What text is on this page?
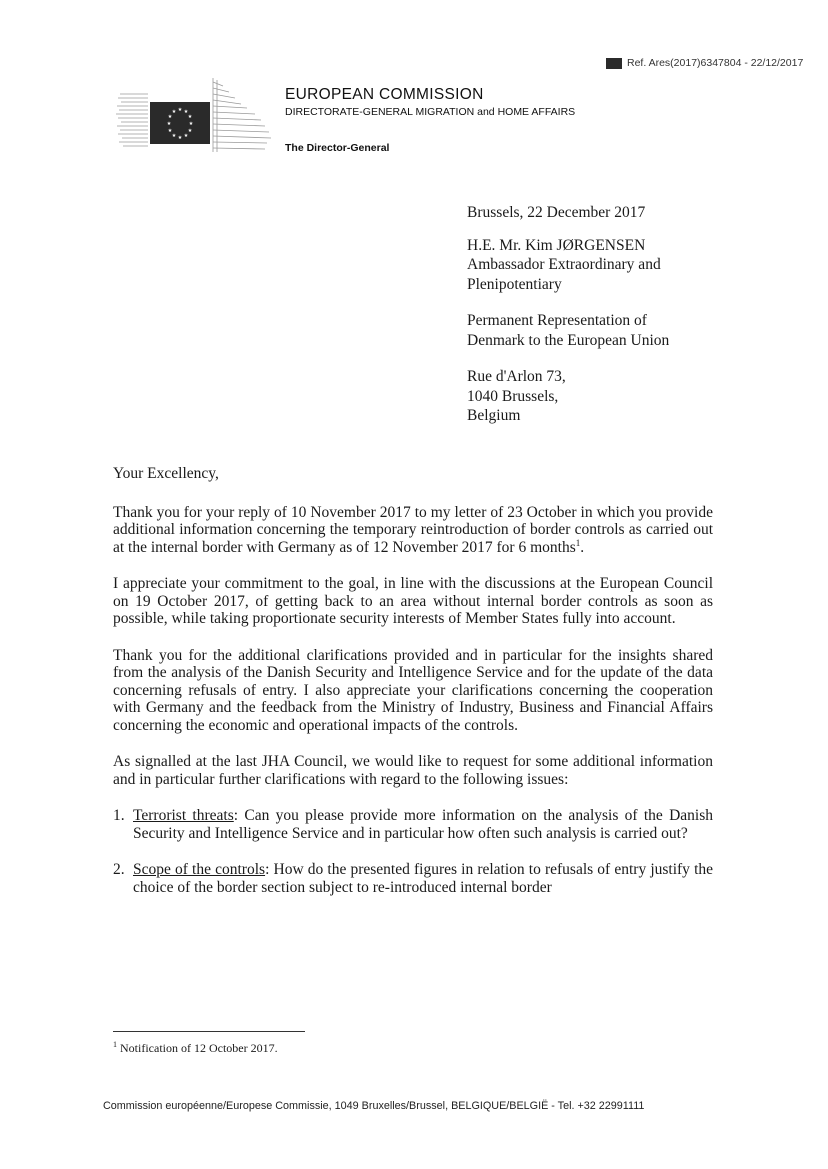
Ref. Ares(2017)6347804 - 22/12/2017
★ ★
★
★
★
★
★
★
★
★
★
★
EUROPEAN COMMISSION
DIRECTORATE-GENERAL MIGRATION and HOME AFFAIRS
The Director-General
Brussels, 22 December 2017
H.E. Mr. Kim JØRGENSEN
Ambassador Extraordinary and
Plenipotentiary
Permanent Representation of
Denmark to the European Union
Rue d'Arlon 73,
1040 Brussels,
Belgium

Your Excellency,

Thank you for your reply of 10 November 2017 to my letter of 23 October in which you provide additional information concerning the temporary reintroduction of border controls as carried out at the internal border with Germany as of 12 November 2017 for 6 months$^1$.

I appreciate your commitment to the goal, in line with the discussions at the European Council on 19 October 2017, of getting back to an area without internal border controls as soon as possible, while taking proportionate security interests of Member States fully into account.

Thank you for the additional clarifications provided and in particular for the insights shared from the analysis of the Danish Security and Intelligence Service and for the update of the data concerning refusals of entry. I also appreciate your clarifications concerning the cooperation with Germany and the feedback from the Ministry of Industry, Business and Financial Affairs concerning the economic and operational impacts of the controls.

As signalled at the last JHA Council, we would like to request for some additional information and in particular further clarifications with regard to the following issues:

1. Terrorist threats: Can you please provide more information on the analysis of the Danish Security and Intelligence Service and in particular how often such analysis is carried out?
2. Scope of the controls: How do the presented figures in relation to refusals of entry justify the choice of the border section subject to re-introduced internal border
$^1$ Notification of 12 October 2017.
Commission européenne/Europese Commissie, 1049 Bruxelles/Brussel, BELGIQUE/BELGIË - Tel. +32 22991111
